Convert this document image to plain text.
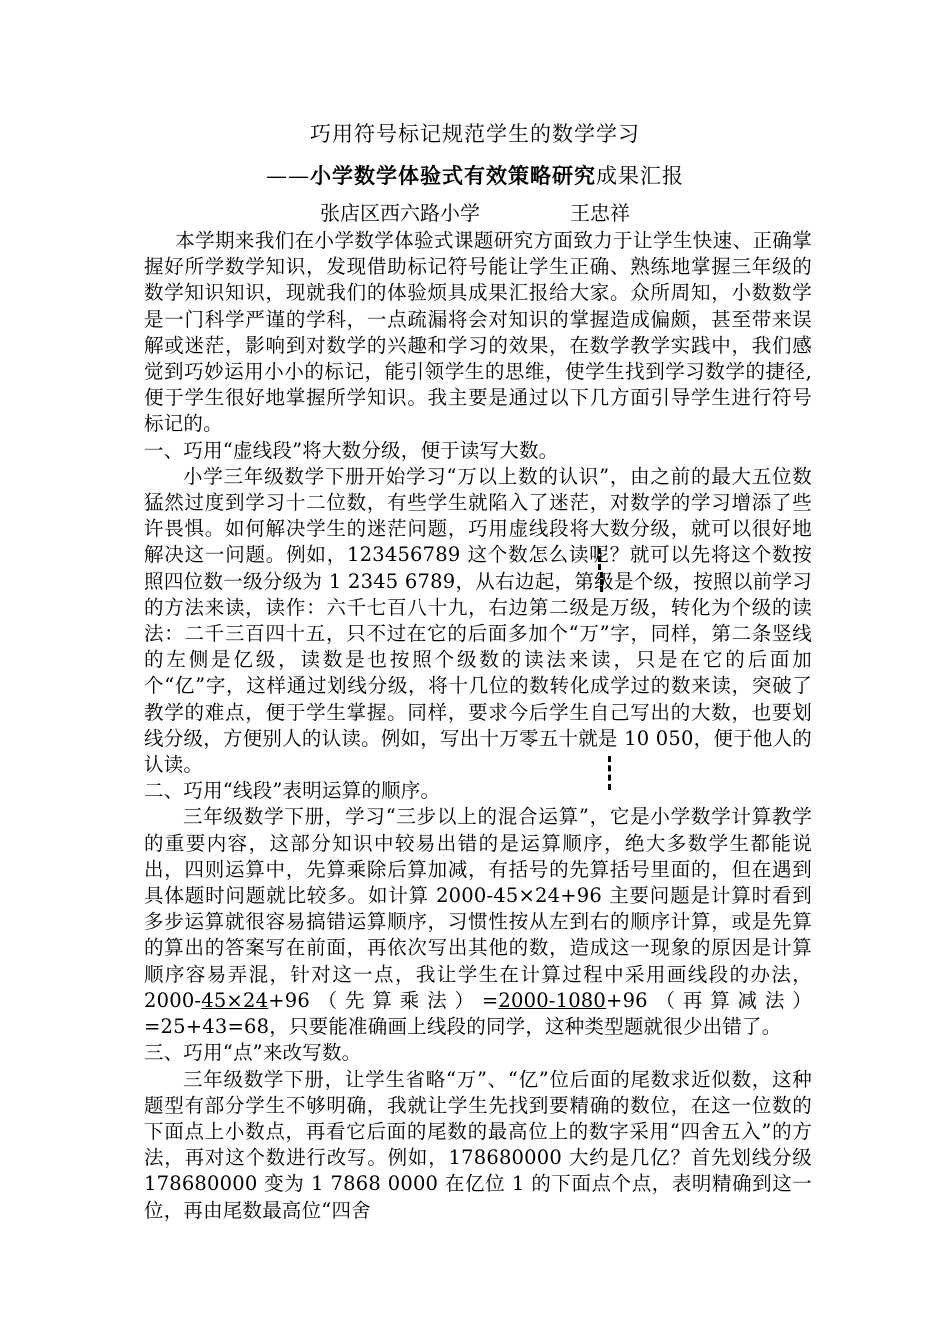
巧用符号标记规范学生的数学学习
——小学数学体验式有效策略研究成果汇报
张店区西六路小学	王忠祥

本学期来我们在小学数学体验式课题研究方面致力于让学生快速、正确掌握好所学数学知识，发现借助标记符号能让学生正确、熟练地掌握三年级的数学知识知识，现就我们的体验烦具成果汇报给大家。众所周知，小数数学是一门科学严谨的学科，一点疏漏将会对知识的掌握造成偏颇，甚至带来误解或迷茫，影响到对数学的兴趣和学习的效果，在数学教学实践中，我们感觉到巧妙运用小小的标记，能引领学生的思维，使学生找到学习数学的捷径,便于学生很好地掌握所学知识。我主要是通过以下几方面引导学生进行符号标记的。

一、巧用“虚线段”将大数分级，便于读写大数。

小学三年级数学下册开始学习“万以上数的认识”，由之前的最大五位数猛然过度到学习十二位数，有些学生就陷入了迷茫，对数学的学习增添了些许畏惧。如何解决学生的迷茫问题，巧用虚线段将大数分级，就可以很好地解决这一问题。例如，123456789 这个数怎么读呢？就可以先将这个数按照四位数一级分级为 1 2345 6789，从右边起，第级是个级，按照以前学习的方法来读，读作：六千七百八十九，右边第二级是万级，转化为个级的读法：二千三百四十五，只不过在它的后面多加个“万”字，同样，第二条竖线的左侧是亿级，读数是也按照个级数的读法来读，只是在它的后面加个“亿”字，这样通过划线分级，将十几位的数转化成学过的数来读，突破了教学的难点，便于学生掌握。同样，要求今后学生自己写出的大数，也要划线分级，方便别人的认读。例如，写出十万零五十就是 10 050，便于他人的认读。

二、巧用“线段”表明运算的顺序。

三年级数学下册，学习“三步以上的混合运算”，它是小学数学计算教学的重要内容，这部分知识中较易出错的是运算顺序，绝大多数学生都能说出，四则运算中，先算乘除后算加减，有括号的先算括号里面的，但在遇到具体题时问题就比较多。如计算 2000-45×24+96 主要问题是计算时看到多步运算就很容易搞错运算顺序，习惯性按从左到右的顺序计算，或是先算的算出的答案写在前面，再依次写出其他的数，造成这一现象的原因是计算顺序容易弄混，针对这一点，我让学生在计算过程中采用画线段的办法，2000-45×24+96（先算乘法）=2000-1080+96（再算减法）=25+43=68，只要能准确画上线段的同学，这种类型题就很少出错了。

三、巧用“点”来改写数。

三年级数学下册，让学生省略“万”、“亿”位后面的尾数求近似数，这种题型有部分学生不够明确，我就让学生先找到要精确的数位，在这一位数的下面点上小数点，再看它后面的尾数的最高位上的数字采用“四舍五入”的方法，再对这个数进行改写。例如，178680000 大约是几亿？首先划线分级 178680000 变为 1 7868 0000 在亿位 1 的下面点个点，表明精确到这一位，再由尾数最高位“四舍
